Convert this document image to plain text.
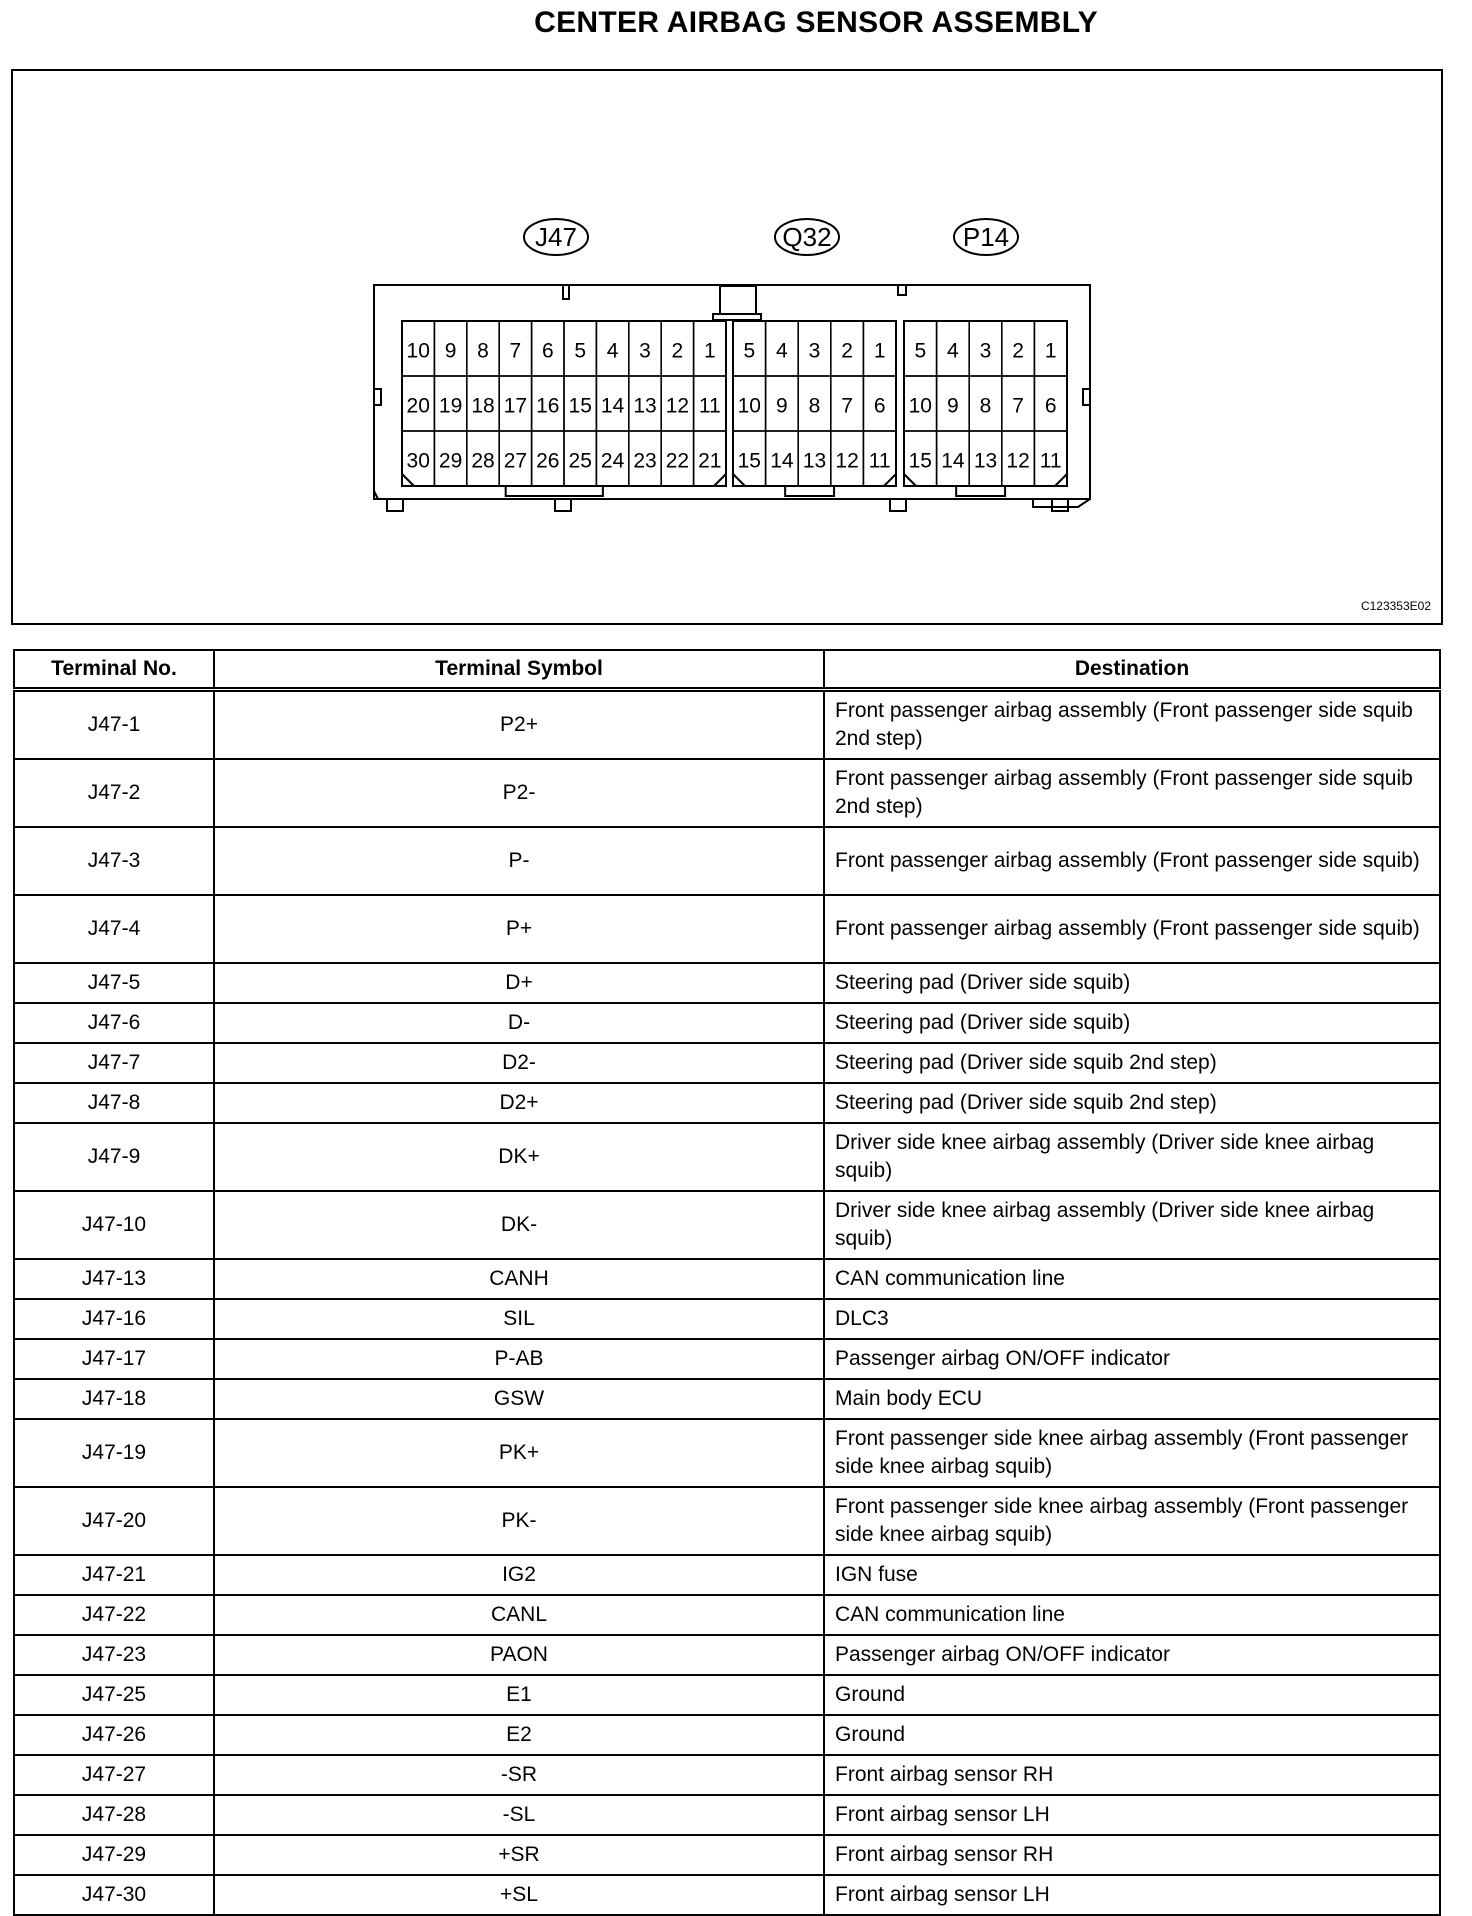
CENTER AIRBAG SENSOR ASSEMBLY
J47	Q32	P14
10 9 8 7 6 5 4 3 2 1
20 19 18 17 16 15 14 13 12 11
30 29 28 27 26 25 24 23 22 21
5 4 3 2 1
10 9 8 7 6
15 14 13 12 11
5 4 3 2 1
10 9 8 7 6
15 14 13 12 11
C123353E02
Terminal No.	Terminal Symbol	Destination
J47-1	P2+	Front passenger airbag assembly (Front passenger side squib 2nd step)
J47-2	P2-	Front passenger airbag assembly (Front passenger side squib 2nd step)
J47-3	P-	Front passenger airbag assembly (Front passenger side squib)
J47-4	P+	Front passenger airbag assembly (Front passenger side squib)
J47-5	D+	Steering pad (Driver side squib)
J47-6	D-	Steering pad (Driver side squib)
J47-7	D2-	Steering pad (Driver side squib 2nd step)
J47-8	D2+	Steering pad (Driver side squib 2nd step)
J47-9	DK+	Driver side knee airbag assembly (Driver side knee airbag squib)
J47-10	DK-	Driver side knee airbag assembly (Driver side knee airbag squib)
J47-13	CANH	CAN communication line
J47-16	SIL	DLC3
J47-17	P-AB	Passenger airbag ON/OFF indicator
J47-18	GSW	Main body ECU
J47-19	PK+	Front passenger side knee airbag assembly (Front passenger side knee airbag squib)
J47-20	PK-	Front passenger side knee airbag assembly (Front passenger side knee airbag squib)
J47-21	IG2	IGN fuse
J47-22	CANL	CAN communication line
J47-23	PAON	Passenger airbag ON/OFF indicator
J47-25	E1	Ground
J47-26	E2	Ground
J47-27	-SR	Front airbag sensor RH
J47-28	-SL	Front airbag sensor LH
J47-29	+SR	Front airbag sensor RH
J47-30	+SL	Front airbag sensor LH
